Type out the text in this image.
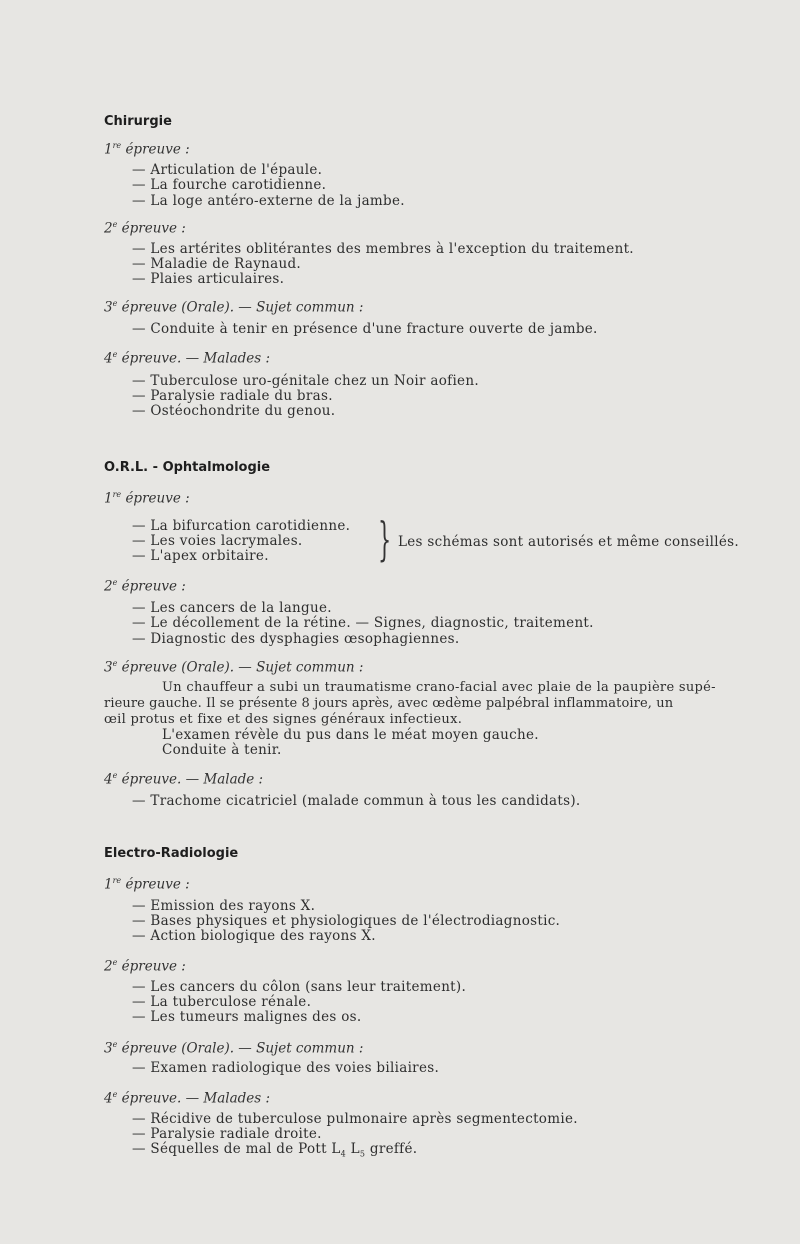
Chirurgie
1re épreuve :
— Articulation de l'épaule.
— La fourche carotidienne.
— La loge antéro-externe de la jambe.
2e épreuve :
— Les artérites oblitérantes des membres à l'exception du traitement.
— Maladie de Raynaud.
— Plaies articulaires.
3e épreuve (Orale). — Sujet commun :
— Conduite à tenir en présence d'une fracture ouverte de jambe.
4e épreuve. — Malades :
— Tuberculose uro-génitale chez un Noir aofien.
— Paralysie radiale du bras.
— Ostéochondrite du genou.
O.R.L. - Ophtalmologie
1re épreuve :
— La bifurcation carotidienne.
— Les voies lacrymales.
— L'apex orbitaire. } Les schémas sont autorisés et même conseillés.
2e épreuve :
— Les cancers de la langue.
— Le décollement de la rétine. — Signes, diagnostic, traitement.
— Diagnostic des dysphagies œsophagiennes.
3e épreuve (Orale). — Sujet commun :
Un chauffeur a subi un traumatisme crano-facial avec plaie de la paupière supé-
rieure gauche. Il se présente 8 jours après, avec œdème palpébral inflammatoire, un
œil protus et fixe et des signes généraux infectieux.
L'examen révèle du pus dans le méat moyen gauche.
Conduite à tenir.
4e épreuve. — Malade :
— Trachome cicatriciel (malade commun à tous les candidats).
Electro-Radiologie
1re épreuve :
— Emission des rayons X.
— Bases physiques et physiologiques de l'électrodiagnostic.
— Action biologique des rayons X.
2e épreuve :
— Les cancers du côlon (sans leur traitement).
— La tuberculose rénale.
— Les tumeurs malignes des os.
3e épreuve (Orale). — Sujet commun :
— Examen radiologique des voies biliaires.
4e épreuve. — Malades :
— Récidive de tuberculose pulmonaire après segmentectomie.
— Paralysie radiale droite.
— Séquelles de mal de Pott $L_4$ $L_5$ greffé.
